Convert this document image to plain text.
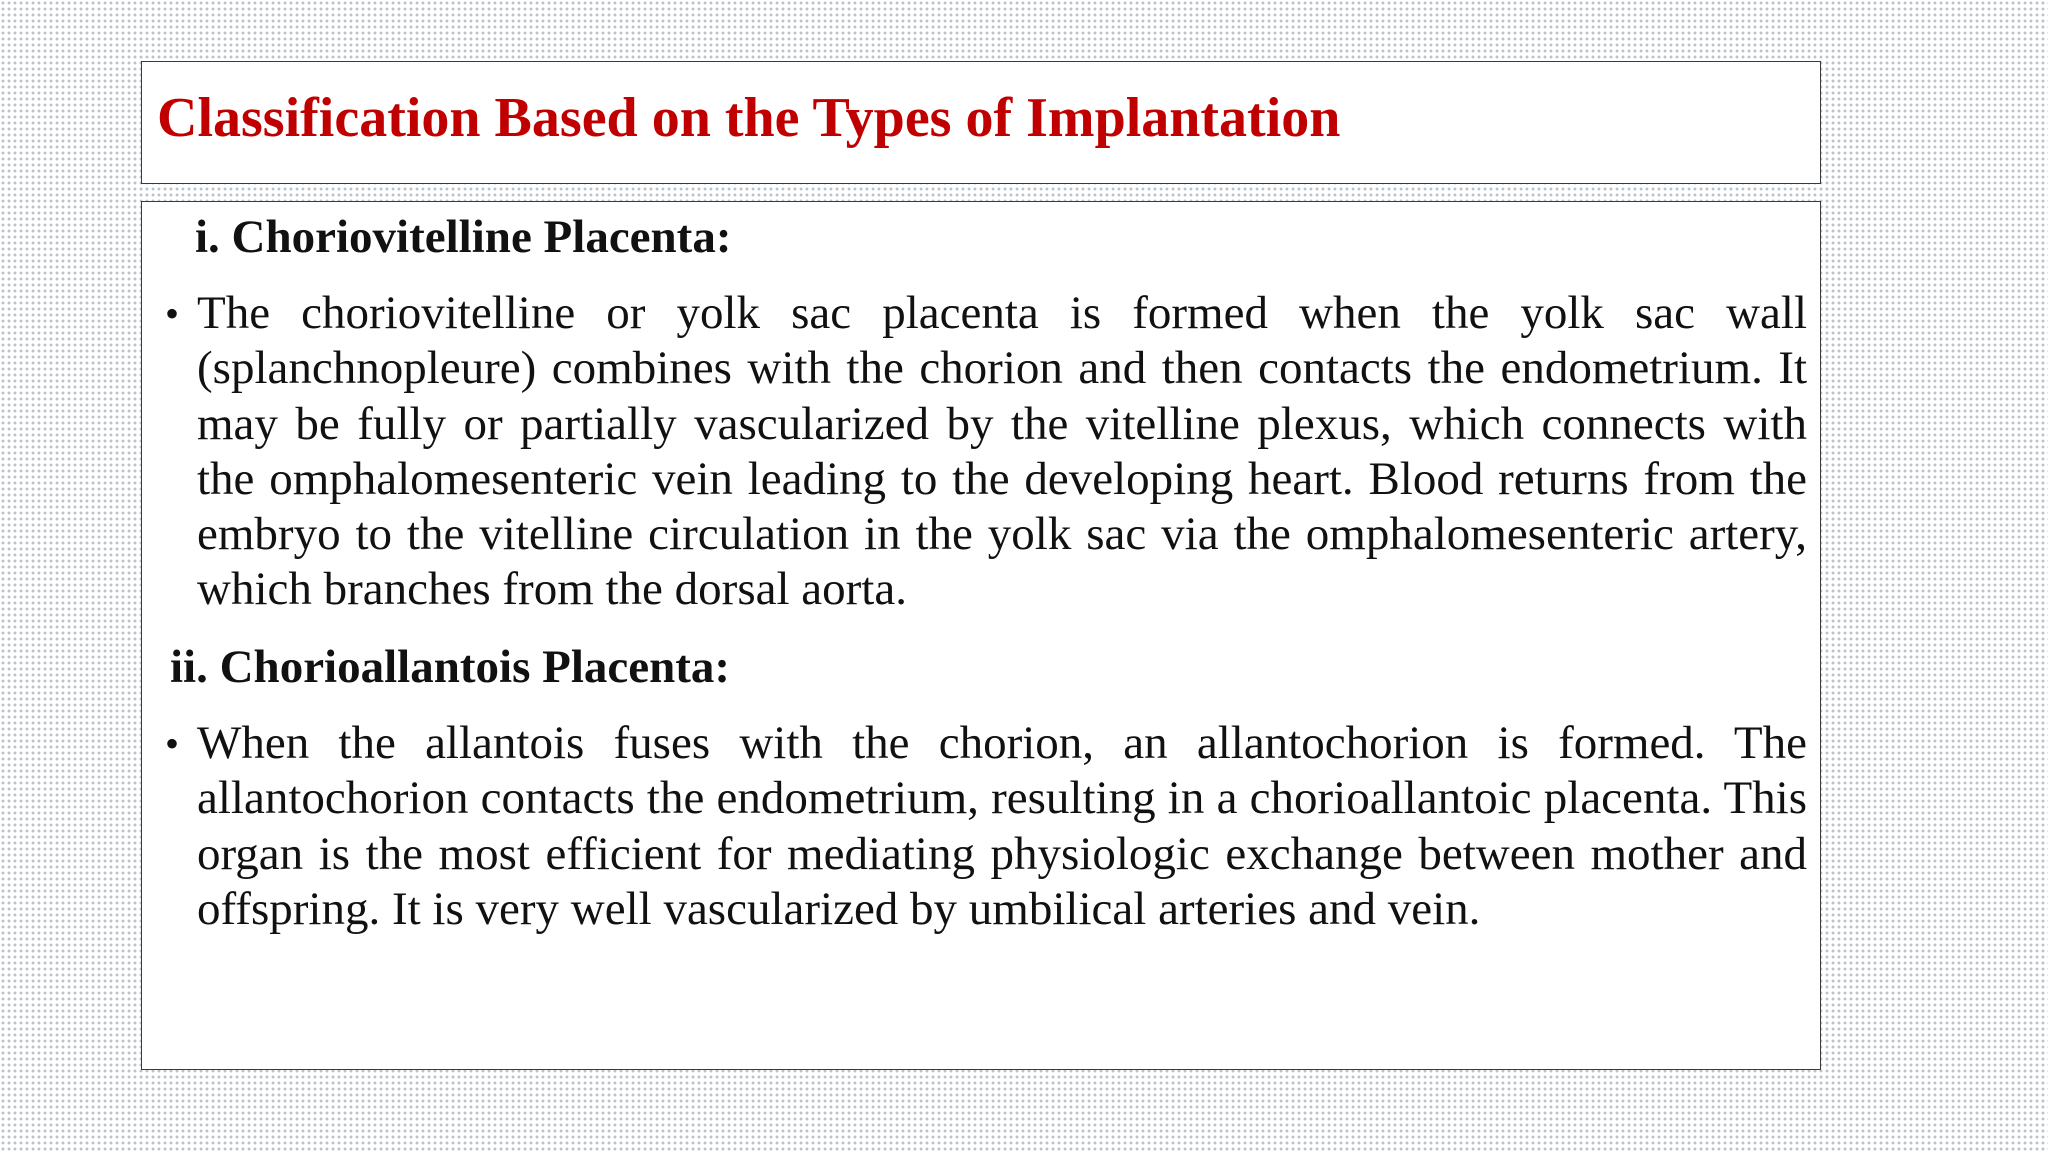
Classification Based on the Types of Implantation
i. Choriovitelline Placenta:
• The choriovitelline or yolk sac placenta is formed when the yolk sac wall (splanchnopleure) combines with the chorion and then contacts the endometrium. It may be fully or partially vascularized by the vitelline plexus, which connects with the omphalomesenteric vein leading to the developing heart. Blood returns from the embryo to the vitelline circulation in the yolk sac via the omphalomesenteric artery, which branches from the dorsal aorta.

ii. Chorioallantois Placenta:
• When the allantois fuses with the chorion, an allantochorion is formed. The allantochorion contacts the endometrium, resulting in a chorioallantoic placenta. This organ is the most efficient for mediating physiologic exchange between mother and offspring. It is very well vascularized by umbilical arteries and vein.
